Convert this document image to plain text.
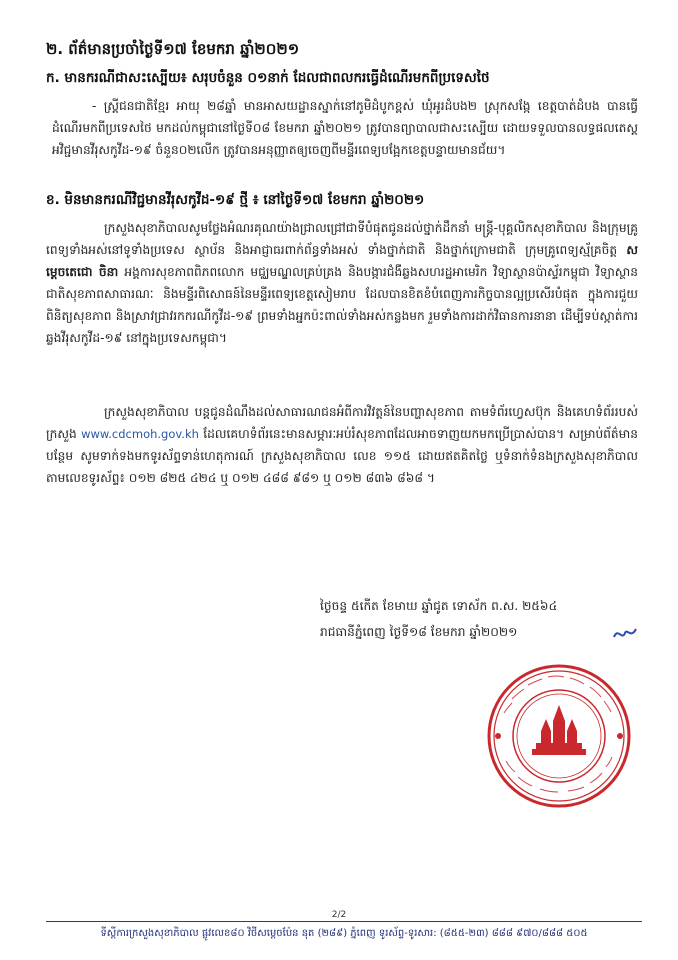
២. ព័ត៌មានប្រចាំថ្ងៃទី១៧ ខែមករា ឆ្នាំ២០២១
ក. មានករណីជាសះស្បើយ៖ សរុបចំនួន ០១នាក់ ដែលជាពលករធ្វើដំណើរមកពីប្រទេសថៃ
- ស្ត្រីជនជាតិខ្មែរ អាយុ ២៨ឆ្នាំ មានអាសយដ្ឋានស្នាក់នៅភូមិដំបូកខ្ពស់ ឃុំអូរដំបង២ ស្រុកសង្កែ ខេត្តបាត់ដំបង បានធ្វើដំណើរមកពីប្រទេសថៃ មកដល់កម្ពុជានៅថ្ងៃទី០៨ ខែមករា ឆ្នាំ២០២១ ត្រូវបានព្យាបាលជាសះស្បើយ ដោយទទួលបានលទ្ធផលតេស្ត អវិជ្ជមានវីរុសកូវីដ-១៩ ចំនួន០២លើក ត្រូវបានអនុញ្ញាតឲ្យចេញពីមន្ទីរពេទ្យបង្អែកខេត្តបន្ទាយមានជ័យ។
ខ. មិនមានករណីវិជ្ជមានវីរុសកូវីដ-១៩ ថ្មី ៖ នៅថ្ងៃទី១៧ ខែមករា ឆ្នាំ២០២១
ក្រសួងសុខាភិបាលសូមថ្លែងអំណរគុណយ៉ាងជ្រាលជ្រៅជាទីបំផុតជូនដល់ថ្នាក់ដឹកនាំ មន្ត្រី-បុគ្គលិកសុខាភិបាល និងក្រុមគ្រូពេទ្យទាំងអស់នៅទូទាំងប្រទេស ស្ថាប័ន និងអាជ្ញាធរពាក់ព័ន្ធទាំងអស់ ទាំងថ្នាក់ជាតិ និងថ្នាក់ក្រោមជាតិ ក្រុមគ្រូពេទ្យស្ម័គ្រចិត្ត សម្តេចតេជោ ចិនា អង្គការសុខភាពពិភពលោក មជ្ឈមណ្ឌលគ្រប់គ្រង និងបង្ការជំងឺឆ្លងសហរដ្ឋអាមេរិក វិទ្យាស្ថានប៉ាស្ទ័រកម្ពុជា វិទ្យាស្ថានជាតិសុខភាពសាធារណៈ និងមន្ទីរពិសោធន៍នៃមន្ទីរពេទ្យខេត្តសៀមរាប ដែលបានខិតខំបំពេញភារកិច្ចបានល្អប្រសើរបំផុត ក្នុងការជួយពិនិត្យសុខភាព និងស្រាវជ្រាវរកករណីកូវីដ-១៩ ព្រមទាំងអ្នកប៉ះពាល់ទាំងអស់កន្លងមក រួមទាំងការដាក់វិធានការនានា ដើម្បីទប់ស្កាត់ការឆ្លងវីរុសកូវីដ-១៩ នៅក្នុងប្រទេសកម្ពុជា។
ក្រសួងសុខាភិបាល បន្តជូនដំណឹងដល់សាធារណជនអំពីការវិវត្តន៍នៃបញ្ហាសុខភាព តាមទំព័រហ្វេសប៊ុក និងគេហទំព័ររបស់ក្រសួង www.cdcmoh.gov.kh ដែលគេហទំព័រនេះមានសម្ភារៈអប់រំសុខភាពដែលអាចទាញយកមកប្រើប្រាស់បាន។ សម្រាប់ព័ត៌មានបន្ថែម សូមទាក់ទងមកទូរស័ព្ទទាន់ហេតុការណ៍ ក្រសួងសុខាភិបាល លេខ ១១៥ ដោយឥតគិតថ្លៃ ឬទំនាក់ទំនងក្រសួងសុខាភិបាល តាមលេខទូរស័ព្ទ៖ ០១២ ៨២៥ ៤២៤ ឬ ០១២ ៤៨៨ ៩៨១ ឬ ០១២ ៨៣៦ ៨៦៨ ។
ថ្ងៃចន្ទ ៥កើត ខែមាឃ ឆ្នាំជូត ទោស័ក ព.ស. ២៥៦៤
រាជធានីភ្នំពេញ ថ្ងៃទី១៨ ខែមករា ឆ្នាំ២០២១
2/2
ទីស្តីការក្រសួងសុខាភិបាល ផ្លូវលេខ៨០ វិថីសម្តេចប៉ែន នុត (២៨៩) ភ្នំពេញ ទូរស័ព្ទ-ទូរសារ: (៨៥៥-២៣) ៨៨៨ ៩៧០/៨៨៨ ៥០៥
